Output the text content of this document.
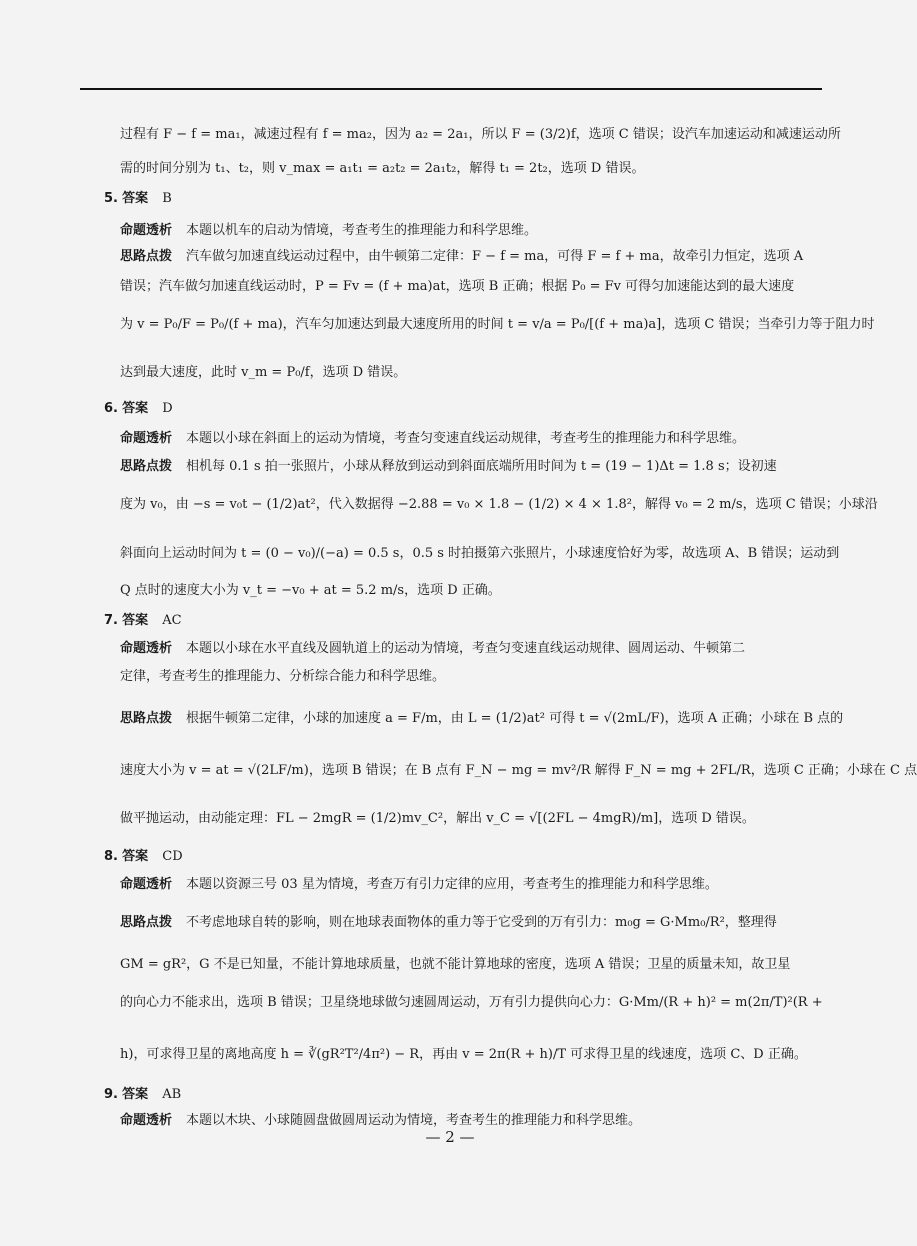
过程有 F − f = ma₁，减速过程有 f = ma₂，因为 a₂ = 2a₁，所以 F = (3/2)f，选项 C 错误；设汽车加速运动和减速运动所
需的时间分别为 t₁、t₂，则 v_max = a₁t₁ = a₂t₂ = 2a₁t₂，解得 t₁ = 2t₂，选项 D 错误。
5. 答案 B
命题透析 本题以机车的启动为情境，考查考生的推理能力和科学思维。
思路点拨 汽车做匀加速直线运动过程中，由牛顿第二定律：F − f = ma，可得 F = f + ma，故牵引力恒定，选项 A
错误；汽车做匀加速直线运动时，P = Fv = (f + ma)at，选项 B 正确；根据 P₀ = Fv 可得匀加速能达到的最大速度
为 v = P₀/F = P₀/(f + ma)，汽车匀加速达到最大速度所用的时间 t = v/a = P₀/[(f + ma)a]，选项 C 错误；当牵引力等于阻力时
达到最大速度，此时 v_m = P₀/f，选项 D 错误。
6. 答案 D
命题透析 本题以小球在斜面上的运动为情境，考查匀变速直线运动规律，考查考生的推理能力和科学思维。
思路点拨 相机每 0.1 s 拍一张照片，小球从释放到运动到斜面底端所用时间为 t = (19 − 1)Δt = 1.8 s；设初速
度为 v₀，由 −s = v₀t − (1/2)at²，代入数据得 −2.88 = v₀ × 1.8 − (1/2) × 4 × 1.8²，解得 v₀ = 2 m/s，选项 C 错误；小球沿
斜面向上运动时间为 t = (0 − v₀)/(−a) = 0.5 s，0.5 s 时拍摄第六张照片，小球速度恰好为零，故选项 A、B 错误；运动到
Q 点时的速度大小为 v_t = −v₀ + at = 5.2 m/s，选项 D 正确。
7. 答案 AC
命题透析 本题以小球在水平直线及圆轨道上的运动为情境，考查匀变速直线运动规律、圆周运动、牛顿第二
定律，考查考生的推理能力、分析综合能力和科学思维。
思路点拨 根据牛顿第二定律，小球的加速度 a = F/m，由 L = (1/2)at² 可得 t = √(2mL/F)，选项 A 正确；小球在 B 点的
速度大小为 v = at = √(2LF/m)，选项 B 错误；在 B 点有 F_N − mg = mv²/R 解得 F_N = mg + 2FL/R，选项 C 正确；小球在 C 点
做平抛运动，由动能定理：FL − 2mgR = (1/2)mv_C²，解出 v_C = √[(2FL − 4mgR)/m]，选项 D 错误。
8. 答案 CD
命题透析 本题以资源三号 03 星为情境，考查万有引力定律的应用，考查考生的推理能力和科学思维。
思路点拨 不考虑地球自转的影响，则在地球表面物体的重力等于它受到的万有引力：m₀g = G·Mm₀/R²，整理得
GM = gR²，G 不是已知量，不能计算地球质量，也就不能计算地球的密度，选项 A 错误；卫星的质量未知，故卫星
的向心力不能求出，选项 B 错误；卫星绕地球做匀速圆周运动，万有引力提供向心力：G·Mm/(R + h)² = m(2π/T)²(R +
h)，可求得卫星的离地高度 h = ∛(gR²T²/4π²) − R，再由 v = 2π(R + h)/T 可求得卫星的线速度，选项 C、D 正确。
9. 答案 AB
命题透析 本题以木块、小球随圆盘做圆周运动为情境，考查考生的推理能力和科学思维。
— 2 —
